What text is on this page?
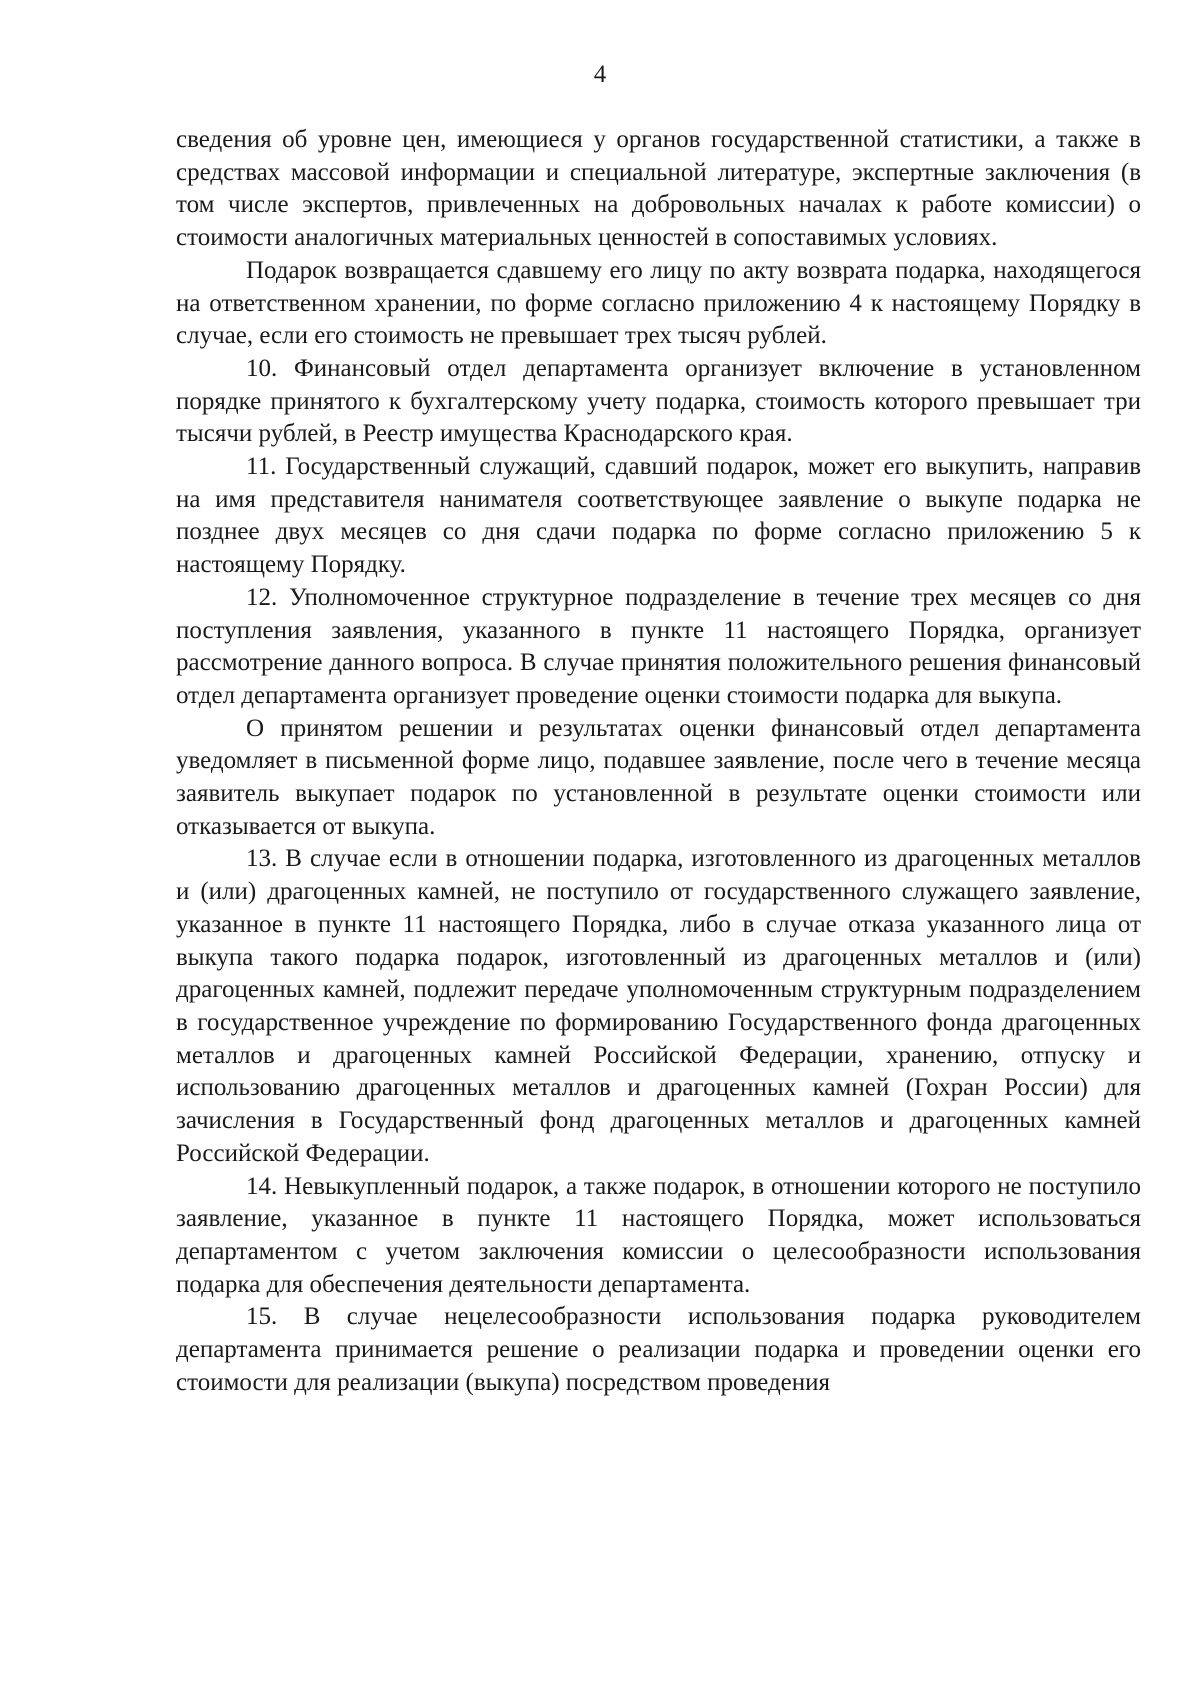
4

сведения об уровне цен, имеющиеся у органов государственной статистики, а также в средствах массовой информации и специальной литературе, экспертные заключения (в том числе экспертов, привлеченных на добровольных началах к работе комиссии) о стоимости аналогичных материальных ценностей в сопоставимых условиях.

Подарок возвращается сдавшему его лицу по акту возврата подарка, находящегося на ответственном хранении, по форме согласно приложению 4 к настоящему Порядку в случае, если его стоимость не превышает трех тысяч рублей.

10. Финансовый отдел департамента организует включение в установленном порядке принятого к бухгалтерскому учету подарка, стоимость которого превышает три тысячи рублей, в Реестр имущества Краснодарского края.

11. Государственный служащий, сдавший подарок, может его выкупить, направив на имя представителя нанимателя соответствующее заявление о выкупе подарка не позднее двух месяцев со дня сдачи подарка по форме согласно приложению 5 к настоящему Порядку.

12. Уполномоченное структурное подразделение в течение трех месяцев со дня поступления заявления, указанного в пункте 11 настоящего Порядка, организует рассмотрение данного вопроса. В случае принятия положительного решения финансовый отдел департамента организует проведение оценки стоимости подарка для выкупа.

О принятом решении и результатах оценки финансовый отдел департамента уведомляет в письменной форме лицо, подавшее заявление, после чего в течение месяца заявитель выкупает подарок по установленной в результате оценки стоимости или отказывается от выкупа.

13. В случае если в отношении подарка, изготовленного из драгоценных металлов и (или) драгоценных камней, не поступило от государственного служащего заявление, указанное в пункте 11 настоящего Порядка, либо в случае отказа указанного лица от выкупа такого подарка подарок, изготовленный из драгоценных металлов и (или) драгоценных камней, подлежит передаче уполномоченным структурным подразделением в государственное учреждение по формированию Государственного фонда драгоценных металлов и драгоценных камней Российской Федерации, хранению, отпуску и использованию драгоценных металлов и драгоценных камней (Гохран России) для зачисления в Государственный фонд драгоценных металлов и драгоценных камней Российской Федерации.

14. Невыкупленный подарок, а также подарок, в отношении которого не поступило заявление, указанное в пункте 11 настоящего Порядка, может использоваться департаментом с учетом заключения комиссии о целесообразности использования подарка для обеспечения деятельности департамента.

15. В случае нецелесообразности использования подарка руководителем департамента принимается решение о реализации подарка и проведении оценки его стоимости для реализации (выкупа) посредством проведения
